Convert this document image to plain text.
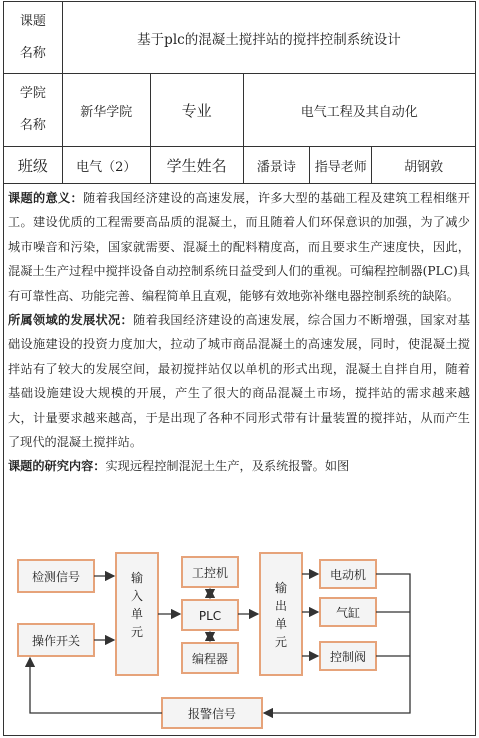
课题
名称	基于plc的混凝土搅拌站的搅拌控制系统设计				

学院
名称	新华学院	专业	电气工程及其自动化		
班级	电气（2）	学生姓名	潘景诗	指导老师	胡钢敦

课题的意义：随着我国经济建设的高速发展，许多大型的基础工程及建筑工程相继开工。建设优质的工程需要高品质的混凝土，而且随着人们环保意识的加强，为了减少城市噪音和污染，国家就需要、混凝土的配料精度高，而且要求生产速度快，因此，混凝土生产过程中搅拌设备自动控制系统日益受到人们的重视。可编程控制器(PLC)具有可靠性高、功能完善、编程简单且直观，能够有效地弥补继电器控制系统的缺陷。

所属领域的发展状况：随着我国经济建设的高速发展，综合国力不断增强，国家对基础设施建设的投资力度加大，拉动了城市商品混凝土的高速发展，同时，使混凝土搅拌站有了较大的发展空间，最初搅拌站仅以单机的形式出现，混凝土自拌自用，随着基础设施建设大规模的开展，产生了很大的商品混凝土市场，搅拌站的需求越来越大，计量要求越来越高，于是出现了各种不同形式带有计量装置的搅拌站，从而产生了现代的混凝土搅拌站。

课题的研究内容：实现远程控制混泥土生产，及系统报警。如图

检测信号
操作开关
输
入
单
元
工控机
PLC
编程器
输
出
单
元
电动机
气缸
控制阀
报警信号
